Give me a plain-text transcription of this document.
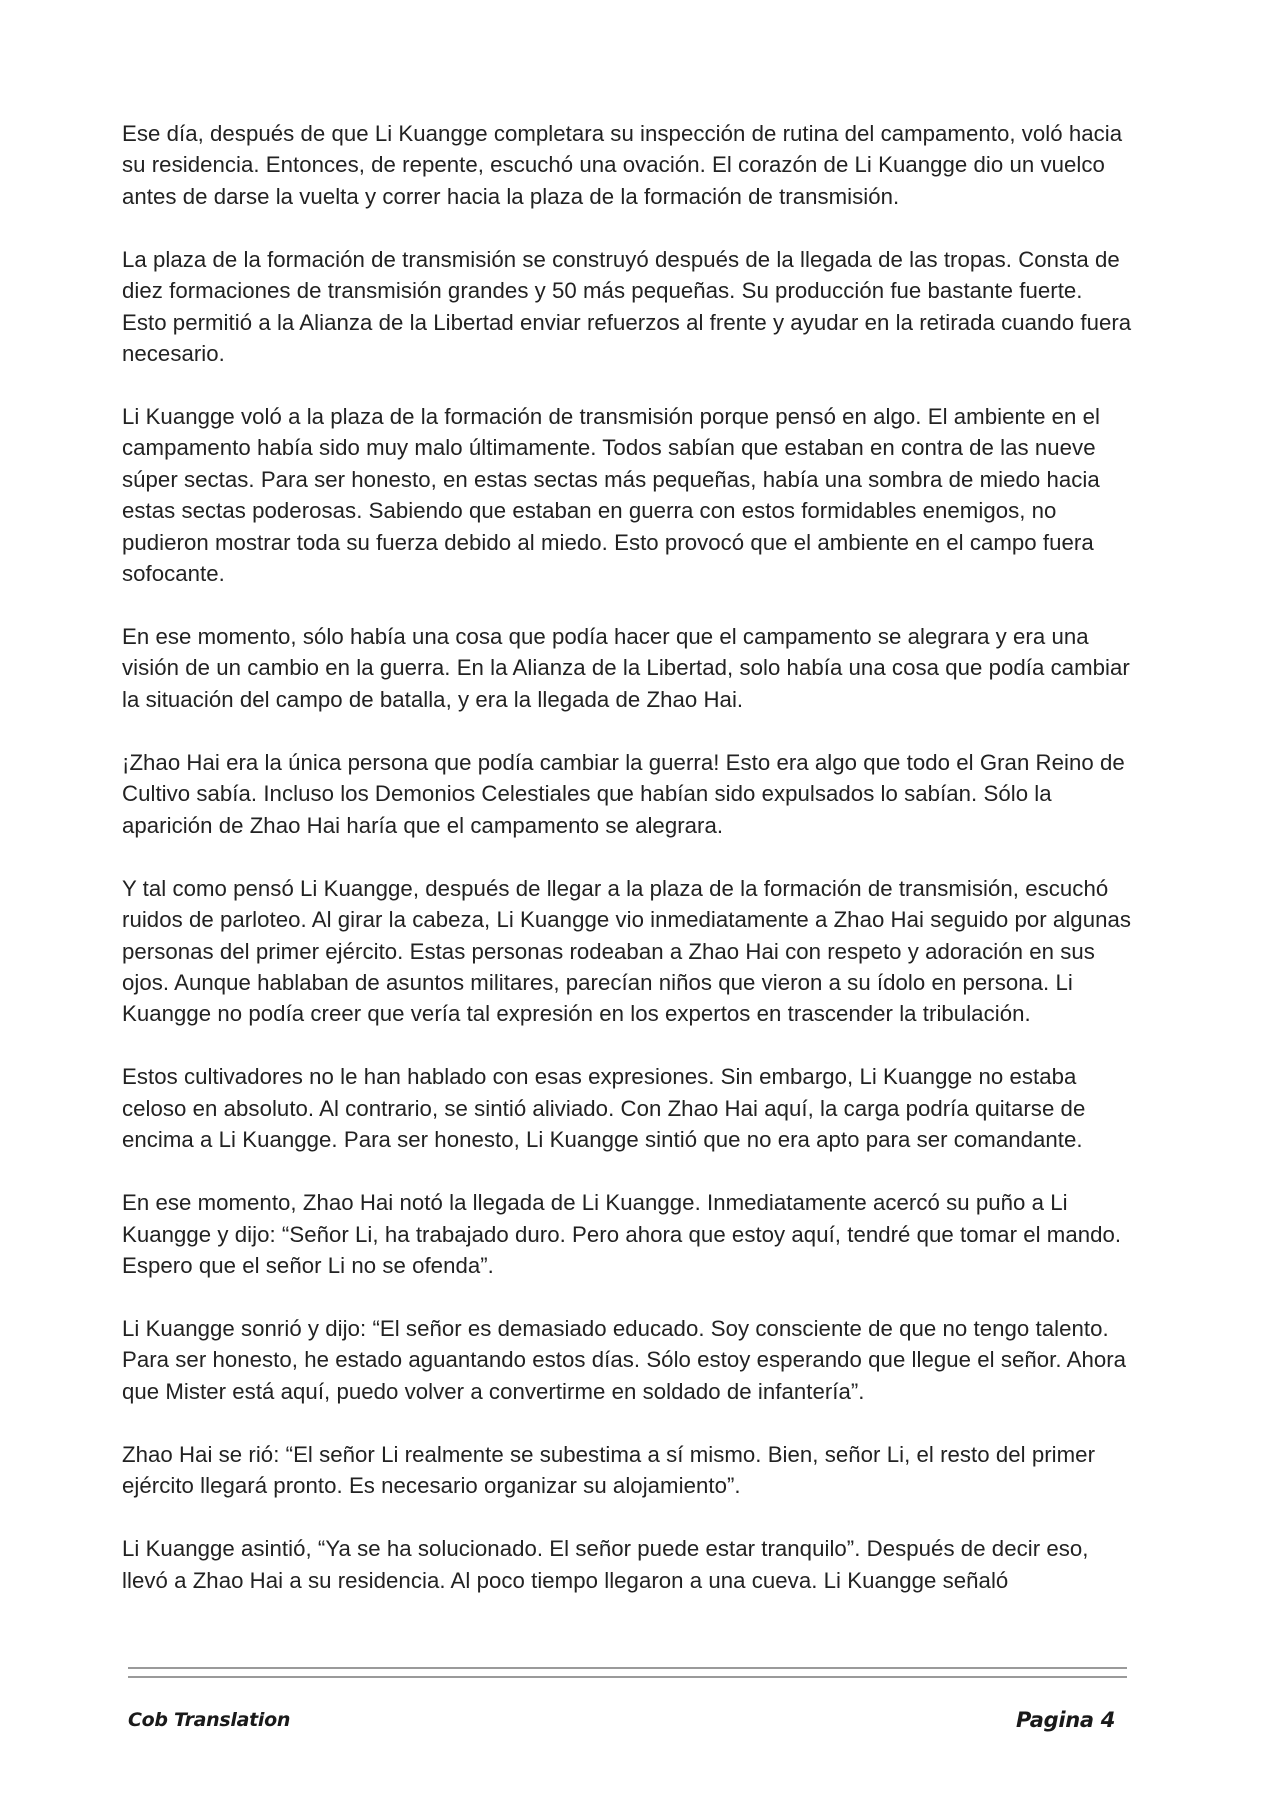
Ese día, después de que Li Kuangge completara su inspección de rutina del campamento, voló hacia su residencia. Entonces, de repente, escuchó una ovación. El corazón de Li Kuangge dio un vuelco antes de darse la vuelta y correr hacia la plaza de la formación de transmisión.

La plaza de la formación de transmisión se construyó después de la llegada de las tropas. Consta de diez formaciones de transmisión grandes y 50 más pequeñas. Su producción fue bastante fuerte. Esto permitió a la Alianza de la Libertad enviar refuerzos al frente y ayudar en la retirada cuando fuera necesario.

Li Kuangge voló a la plaza de la formación de transmisión porque pensó en algo. El ambiente en el campamento había sido muy malo últimamente. Todos sabían que estaban en contra de las nueve súper sectas. Para ser honesto, en estas sectas más pequeñas, había una sombra de miedo hacia estas sectas poderosas. Sabiendo que estaban en guerra con estos formidables enemigos, no pudieron mostrar toda su fuerza debido al miedo. Esto provocó que el ambiente en el campo fuera sofocante.

En ese momento, sólo había una cosa que podía hacer que el campamento se alegrara y era una visión de un cambio en la guerra. En la Alianza de la Libertad, solo había una cosa que podía cambiar la situación del campo de batalla, y era la llegada de Zhao Hai.

¡Zhao Hai era la única persona que podía cambiar la guerra! Esto era algo que todo el Gran Reino de Cultivo sabía. Incluso los Demonios Celestiales que habían sido expulsados lo sabían. Sólo la aparición de Zhao Hai haría que el campamento se alegrara.

Y tal como pensó Li Kuangge, después de llegar a la plaza de la formación de transmisión, escuchó ruidos de parloteo. Al girar la cabeza, Li Kuangge vio inmediatamente a Zhao Hai seguido por algunas personas del primer ejército. Estas personas rodeaban a Zhao Hai con respeto y adoración en sus ojos. Aunque hablaban de asuntos militares, parecían niños que vieron a su ídolo en persona. Li Kuangge no podía creer que vería tal expresión en los expertos en trascender la tribulación.

Estos cultivadores no le han hablado con esas expresiones. Sin embargo, Li Kuangge no estaba celoso en absoluto. Al contrario, se sintió aliviado. Con Zhao Hai aquí, la carga podría quitarse de encima a Li Kuangge. Para ser honesto, Li Kuangge sintió que no era apto para ser comandante.

En ese momento, Zhao Hai notó la llegada de Li Kuangge. Inmediatamente acercó su puño a Li Kuangge y dijo: “Señor Li, ha trabajado duro. Pero ahora que estoy aquí, tendré que tomar el mando. Espero que el señor Li no se ofenda”.

Li Kuangge sonrió y dijo: “El señor es demasiado educado. Soy consciente de que no tengo talento. Para ser honesto, he estado aguantando estos días. Sólo estoy esperando que llegue el señor. Ahora que Mister está aquí, puedo volver a convertirme en soldado de infantería”.

Zhao Hai se rió: “El señor Li realmente se subestima a sí mismo. Bien, señor Li, el resto del primer ejército llegará pronto. Es necesario organizar su alojamiento”.

Li Kuangge asintió, “Ya se ha solucionado. El señor puede estar tranquilo”. Después de decir eso, llevó a Zhao Hai a su residencia. Al poco tiempo llegaron a una cueva. Li Kuangge señaló

Cob Translation	Pagina 4
